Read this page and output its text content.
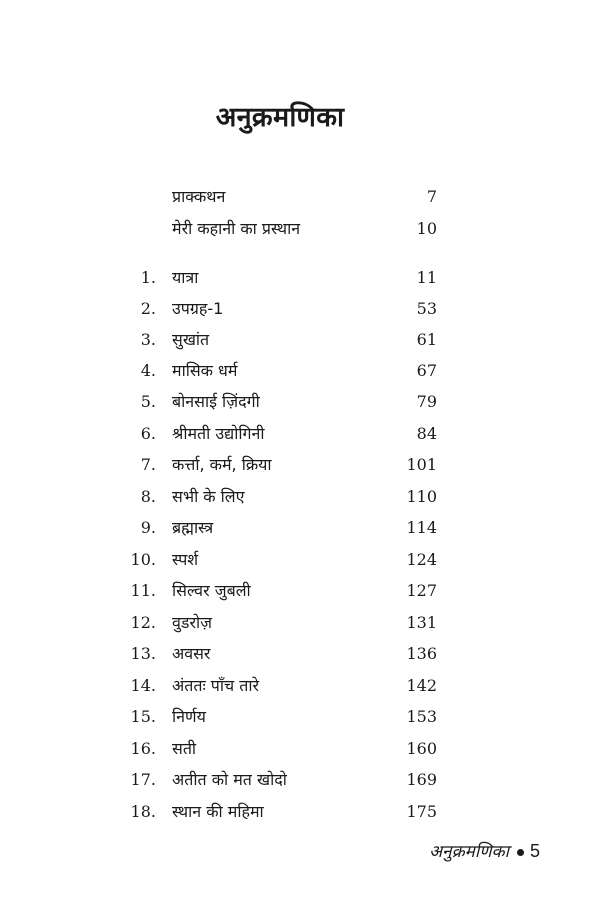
अनुक्रमणिका
प्राक्कथन	7
मेरी कहानी का प्रस्थान	10
1. यात्रा	11
2. उपग्रह-1	53
3. सुखांत	61
4. मासिक धर्म	67
5. बोनसाई ज़िंदगी	79
6. श्रीमती उद्योगिनी	84
7. कर्त्ता, कर्म, क्रिया	101
8. सभी के लिए	110
9. ब्रह्मास्त्र	114
10. स्पर्श	124
11. सिल्वर जुबली	127
12. वुडरोज़	131
13. अवसर	136
14. अंततः पाँच तारे	142
15. निर्णय	153
16. सती	160
17. अतीत को मत खोदो	169
18. स्थान की महिमा	175
अनुक्रमणिका 5
